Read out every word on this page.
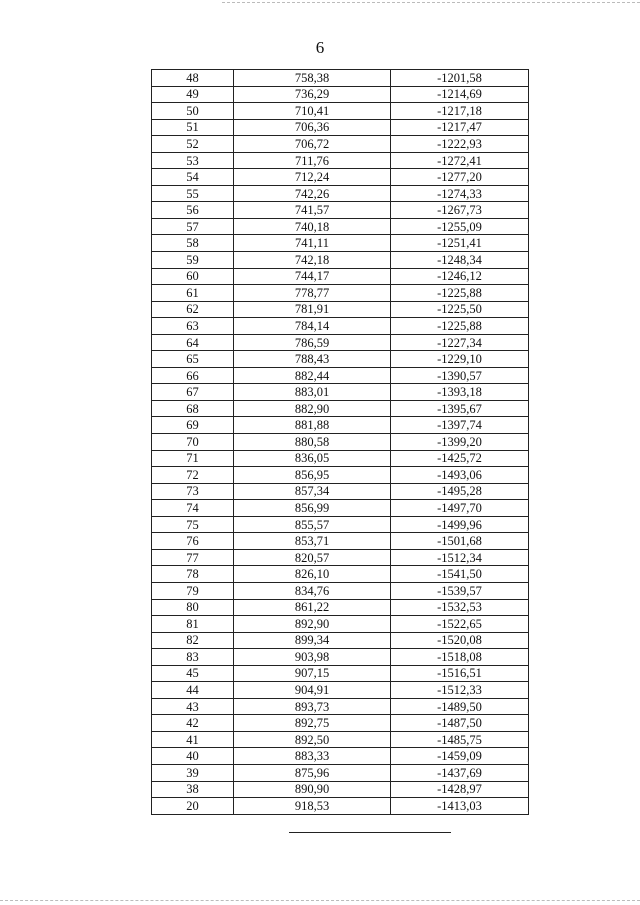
6
48	758,38	-1201,58
49	736,29	-1214,69
50	710,41	-1217,18
51	706,36	-1217,47
52	706,72	-1222,93
53	711,76	-1272,41
54	712,24	-1277,20
55	742,26	-1274,33
56	741,57	-1267,73
57	740,18	-1255,09
58	741,11	-1251,41
59	742,18	-1248,34
60	744,17	-1246,12
61	778,77	-1225,88
62	781,91	-1225,50
63	784,14	-1225,88
64	786,59	-1227,34
65	788,43	-1229,10
66	882,44	-1390,57
67	883,01	-1393,18
68	882,90	-1395,67
69	881,88	-1397,74
70	880,58	-1399,20
71	836,05	-1425,72
72	856,95	-1493,06
73	857,34	-1495,28
74	856,99	-1497,70
75	855,57	-1499,96
76	853,71	-1501,68
77	820,57	-1512,34
78	826,10	-1541,50
79	834,76	-1539,57
80	861,22	-1532,53
81	892,90	-1522,65
82	899,34	-1520,08
83	903,98	-1518,08
45	907,15	-1516,51
44	904,91	-1512,33
43	893,73	-1489,50
42	892,75	-1487,50
41	892,50	-1485,75
40	883,33	-1459,09
39	875,96	-1437,69
38	890,90	-1428,97
20	918,53	-1413,03
